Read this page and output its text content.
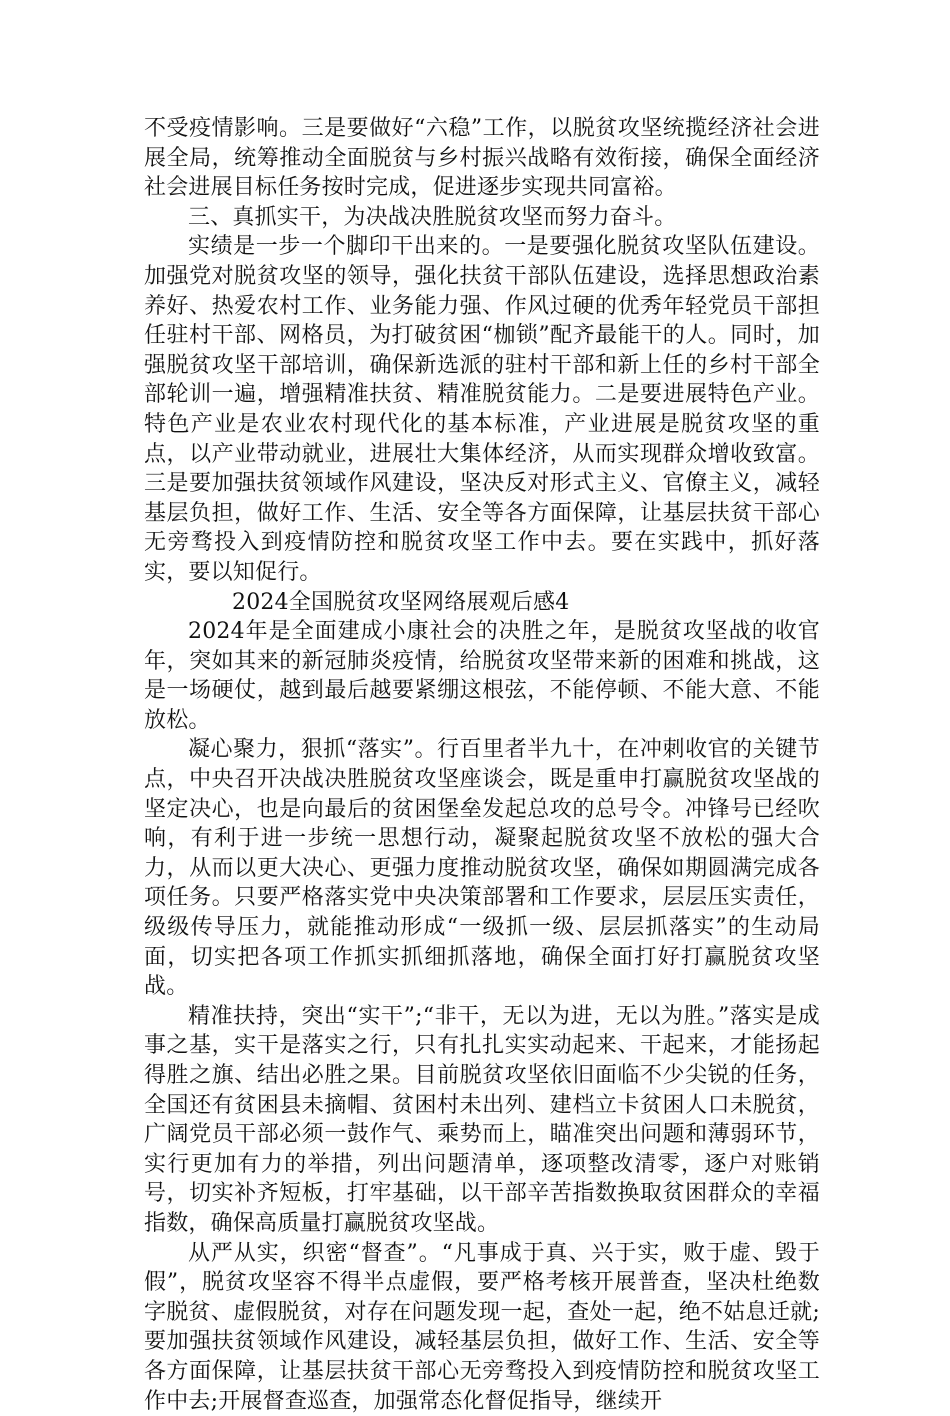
不受疫情影响。三是要做好“六稳”工作，以脱贫攻坚统揽经济社会进展全局，统筹推动全面脱贫与乡村振兴战略有效衔接，确保全面经济社会进展目标任务按时完成，促进逐步实现共同富裕。

三、真抓实干，为决战决胜脱贫攻坚而努力奋斗。

实绩是一步一个脚印干出来的。一是要强化脱贫攻坚队伍建设。加强党对脱贫攻坚的领导，强化扶贫干部队伍建设，选择思想政治素养好、热爱农村工作、业务能力强、作风过硬的优秀年轻党员干部担任驻村干部、网格员，为打破贫困“枷锁”配齐最能干的人。同时，加强脱贫攻坚干部培训，确保新选派的驻村干部和新上任的乡村干部全部轮训一遍，增强精准扶贫、精准脱贫能力。二是要进展特色产业。特色产业是农业农村现代化的基本标准，产业进展是脱贫攻坚的重点，以产业带动就业，进展壮大集体经济，从而实现群众增收致富。三是要加强扶贫领域作风建设，坚决反对形式主义、官僚主义，减轻基层负担，做好工作、生活、安全等各方面保障，让基层扶贫干部心无旁骛投入到疫情防控和脱贫攻坚工作中去。要在实践中，抓好落实，要以知促行。

2024全国脱贫攻坚网络展观后感4

2024年是全面建成小康社会的决胜之年，是脱贫攻坚战的收官年，突如其来的新冠肺炎疫情，给脱贫攻坚带来新的困难和挑战，这是一场硬仗，越到最后越要紧绷这根弦，不能停顿、不能大意、不能放松。

凝心聚力，狠抓“落实”。行百里者半九十，在冲刺收官的关键节点，中央召开决战决胜脱贫攻坚座谈会，既是重申打赢脱贫攻坚战的坚定决心，也是向最后的贫困堡垒发起总攻的总号令。冲锋号已经吹响，有利于进一步统一思想行动，凝聚起脱贫攻坚不放松的强大合力，从而以更大决心、更强力度推动脱贫攻坚，确保如期圆满完成各项任务。只要严格落实党中央决策部署和工作要求，层层压实责任，级级传导压力，就能推动形成“一级抓一级、层层抓落实”的生动局面，切实把各项工作抓实抓细抓落地，确保全面打好打赢脱贫攻坚战。

精准扶持，突出“实干”;“非干，无以为进，无以为胜。”落实是成事之基，实干是落实之行，只有扎扎实实动起来、干起来，才能扬起得胜之旗、结出必胜之果。目前脱贫攻坚依旧面临不少尖锐的任务，全国还有贫困县未摘帽、贫困村未出列、建档立卡贫困人口未脱贫，广阔党员干部必须一鼓作气、乘势而上，瞄准突出问题和薄弱环节，实行更加有力的举措，列出问题清单，逐项整改清零，逐户对账销号，切实补齐短板，打牢基础，以干部辛苦指数换取贫困群众的幸福指数，确保高质量打赢脱贫攻坚战。

从严从实，织密“督查”。“凡事成于真、兴于实，败于虚、毁于假”，脱贫攻坚容不得半点虚假，要严格考核开展普查，坚决杜绝数字脱贫、虚假脱贫，对存在问题发现一起，查处一起，绝不姑息迁就;要加强扶贫领域作风建设，减轻基层负担，做好工作、生活、安全等各方面保障，让基层扶贫干部心无旁骛投入到疫情防控和脱贫攻坚工作中去;开展督查巡查，加强常态化督促指导，继续开
